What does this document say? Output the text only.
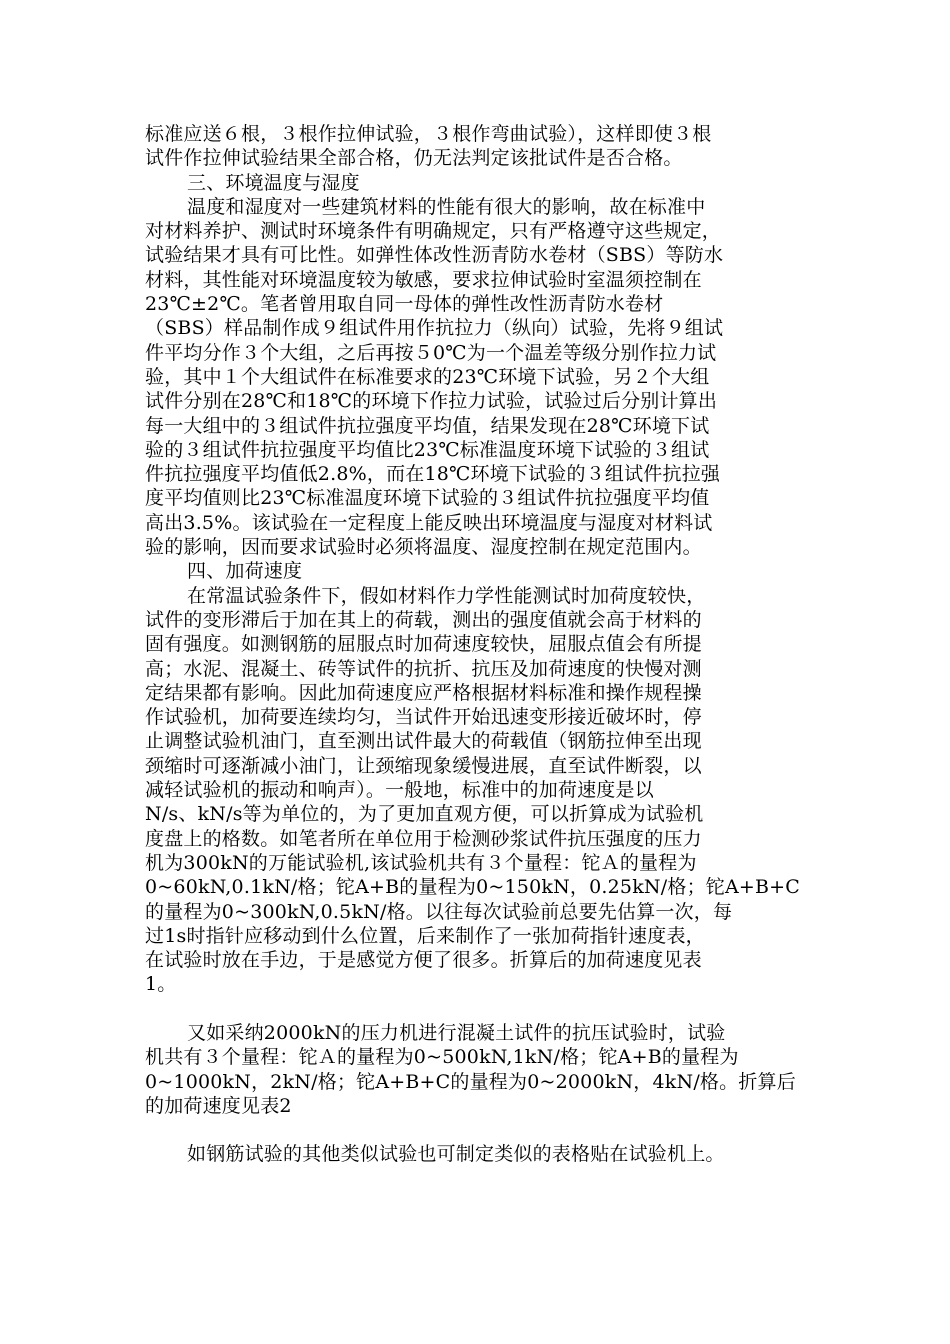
标准应送６根，３根作拉伸试验，３根作弯曲试验），这样即使３根
试件作拉伸试验结果全部合格，仍无法判定该批试件是否合格。
三、环境温度与湿度
温度和湿度对一些建筑材料的性能有很大的影响，故在标准中
对材料养护、测试时环境条件有明确规定，只有严格遵守这些规定，
试验结果才具有可比性。如弹性体改性沥青防水卷材（SBS）等防水
材料，其性能对环境温度较为敏感，要求拉伸试验时室温须控制在
23℃±2℃。笔者曾用取自同一母体的弹性改性沥青防水卷材
（SBS）样品制作成９组试件用作抗拉力（纵向）试验，先将９组试
件平均分作３个大组，之后再按５0℃为一个温差等级分别作拉力试
验，其中１个大组试件在标准要求的23℃环境下试验，另２个大组
试件分别在28℃和18℃的环境下作拉力试验，试验过后分别计算出
每一大组中的３组试件抗拉强度平均值，结果发现在28℃环境下试
验的３组试件抗拉强度平均值比23℃标准温度环境下试验的３组试
件抗拉强度平均值低2.8%，而在18℃环境下试验的３组试件抗拉强
度平均值则比23℃标准温度环境下试验的３组试件抗拉强度平均值
高出3.5%。该试验在一定程度上能反映出环境温度与湿度对材料试
验的影响，因而要求试验时必须将温度、湿度控制在规定范围内。
四、加荷速度
在常温试验条件下，假如材料作力学性能测试时加荷度较快，
试件的变形滞后于加在其上的荷载，测出的强度值就会高于材料的
固有强度。如测钢筋的屈服点时加荷速度较快，屈服点值会有所提
高；水泥、混凝土、砖等试件的抗折、抗压及加荷速度的快慢对测
定结果都有影响。因此加荷速度应严格根据材料标准和操作规程操
作试验机，加荷要连续均匀，当试件开始迅速变形接近破坏时，停
止调整试验机油门，直至测出试件最大的荷载值（钢筋拉伸至出现
颈缩时可逐渐减小油门，让颈缩现象缓慢进展，直至试件断裂，以
减轻试验机的振动和响声）。一般地，标准中的加荷速度是以
N/s、kN/s等为单位的，为了更加直观方便，可以折算成为试验机
度盘上的格数。如笔者所在单位用于检测砂浆试件抗压强度的压力
机为300kN的万能试验机,该试验机共有３个量程：铊Ａ的量程为
0~60kN,0.1kN/格；铊A+B的量程为0~150kN，0.25kN/格；铊A+B+C
的量程为0~300kN,0.5kN/格。以往每次试验前总要先估算一次，每
过1s时指针应移动到什么位置，后来制作了一张加荷指针速度表，
在试验时放在手边，于是感觉方便了很多。折算后的加荷速度见表
1。
又如采纳2000kN的压力机进行混凝土试件的抗压试验时，试验
机共有３个量程：铊Ａ的量程为0~500kN,1kN/格；铊A+B的量程为
0~1000kN，2kN/格；铊A+B+C的量程为0~2000kN，4kN/格。折算后
的加荷速度见表2
如钢筋试验的其他类似试验也可制定类似的表格贴在试验机上。
